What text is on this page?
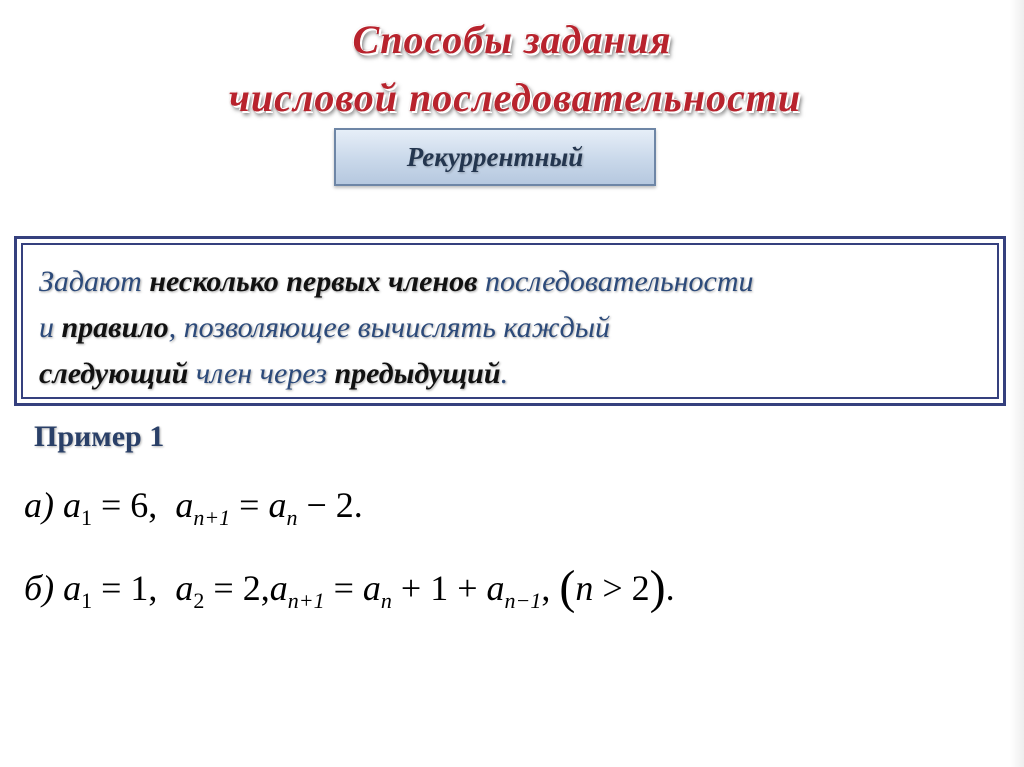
Способы задания
числовой последовательности
Рекуррентный

Задают несколько первых членов последовательности
и правило, позволяющее вычислять каждый
следующий член через предыдущий.

Пример 1
а) $a_1 = 6$, $a_{n+1} = a_n - 2$.
б) $a_1 = 1$, $a_2 = 2,a_{n+1} = a_n + 1 + a_{n-1}$, (n > 2).
